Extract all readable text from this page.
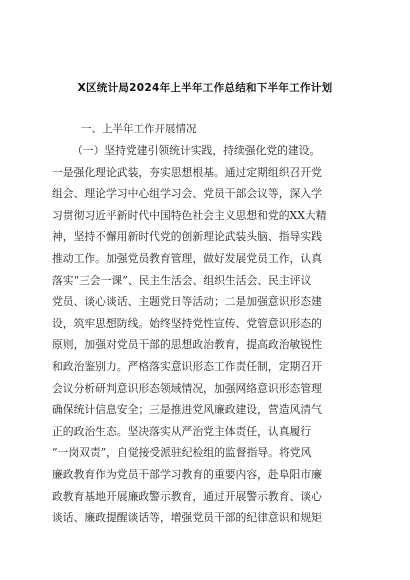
X区统计局2024年上半年工作总结和下半年工作计划
一、上半年工作开展情况
（一）坚持党建引领统计实践，持续强化党的建设。
一是强化理论武装，夯实思想根基。通过定期组织召开党
组会、理论学习中心组学习会、党员干部会议等，深入学
习贯彻习近平新时代中国特色社会主义思想和党的XX大精
神，坚持不懈用新时代党的创新理论武装头脑、指导实践
推动工作。加强党员教育管理，做好发展党员工作，认真
落实“三会一课”、民主生活会、组织生活会、民主评议
党员、谈心谈话、主题党日等活动；二是加强意识形态建
设，筑牢思想防线。始终坚持党性宣传、党管意识形态的
原则，加强对党员干部的思想政治教育，提高政治敏锐性
和政治鉴别力。严格落实意识形态工作责任制，定期召开
会议分析研判意识形态领域情况，加强网络意识形态管理
确保统计信息安全；三是推进党风廉政建设，营造风清气
正的政治生态。坚决落实从严治党主体责任，认真履行
“一岗双责”，自觉接受派驻纪检组的监督指导。将党风
廉政教育作为党员干部学习教育的重要内容，赴阜阳市廉
政教育基地开展廉政警示教育，通过开展警示教育、谈心
谈话、廉政提醒谈话等，增强党员干部的纪律意识和规矩
